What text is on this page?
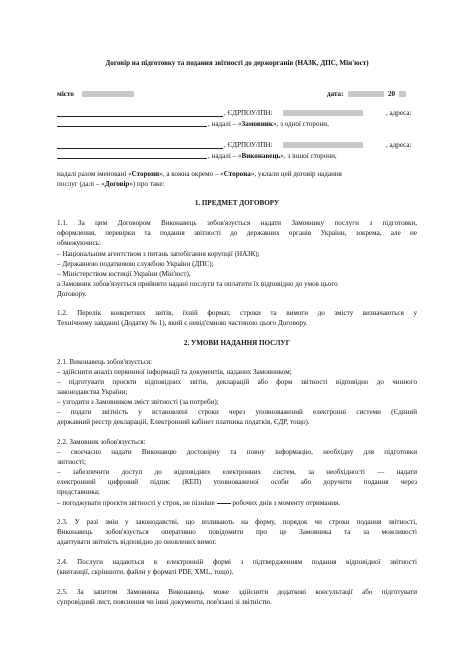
Договір на підготовку та подання звітності до держорганів (НАЗК, ДПС, Мін'юст)
місто	дата:	20
, ЄДРПОУ/ІПН:	, адреса:
, надалі – «Замовник», з одної сторони,
, ЄДРПОУ/ІПН:	, адреса:
, надалі – «Виконавець», з іншої сторони,
надалі разом іменовані «Сторони», а кожна окремо – «Сторона», уклали цей договір надання
послуг (далі – «Договір») про таке:
1. ПРЕДМЕТ ДОГОВОРУ
1.1. За цим Договором Виконавець зобов'язується надати Замовнику послуги з підготовки,
оформлення, перевірки та подання звітності до державних органів України, зокрема, але не
обмежуючись:
– Національним агентством з питань запобігання корупції (НАЗК);
– Державною податковою службою України (ДПС);
– Міністерством юстиції України (Мін'юст),
а Замовник зобов'язується прийняти надані послуги та оплатити їх відповідно до умов цього
Договору.
1.2. Перелік конкретних звітів, їхній формат, строки та вимоги до змісту визначаються у
Технічному завданні (Додатку № 1), який є невід'ємною частиною цього Договору.
2. УМОВИ НАДАННЯ ПОСЛУГ
2.1. Виконавець зобов'язується:
– здійснити аналіз первинної інформації та документів, наданих Замовником;
– підготувати проєкти відповідних звітів, декларацій або форм звітності відповідно до чинного
законодавства України;
– узгодити з Замовником зміст звітності (за потреби);
– подати звітність у встановлені строки через уповноважений електронні системи (Єдиний
державний реєстр декларацій, Електронний кабінет платника податків, ЄДР, тощо).
2.2. Замовник зобов'язується:
– своєчасно надати Виконавцю достовірну та повну інформацію, необхідну для підготовки
звітності;
– забезпечити доступ до відповідних електронних систем, за необхідності — надати
електронний цифровий підпис (КЕП) уповноваженої особи або доручити подання через
представника;
– погоджувати проєкти звітності у строк, не пізніше робочих днів з моменту отримання.
2.3. У разі змін у законодавстві, що впливають на форму, порядок чи строки подання звітності,
Виконавець зобов'язується оперативно повідомити про це Замовника та за можливості
адаптувати звітність відповідно до оновлених вимог.
2.4. Послуги надаються в електронній формі з підтвердженням подання відповідної звітності
(квитанції, скріншоти, файли у форматі PDF, XML, тощо).
2.5. За запитом Замовника Виконавець може здійснити додаткові консультації або підготувати
супровідний лист, пояснення чи інші документи, пов'язані зі звітністю.
